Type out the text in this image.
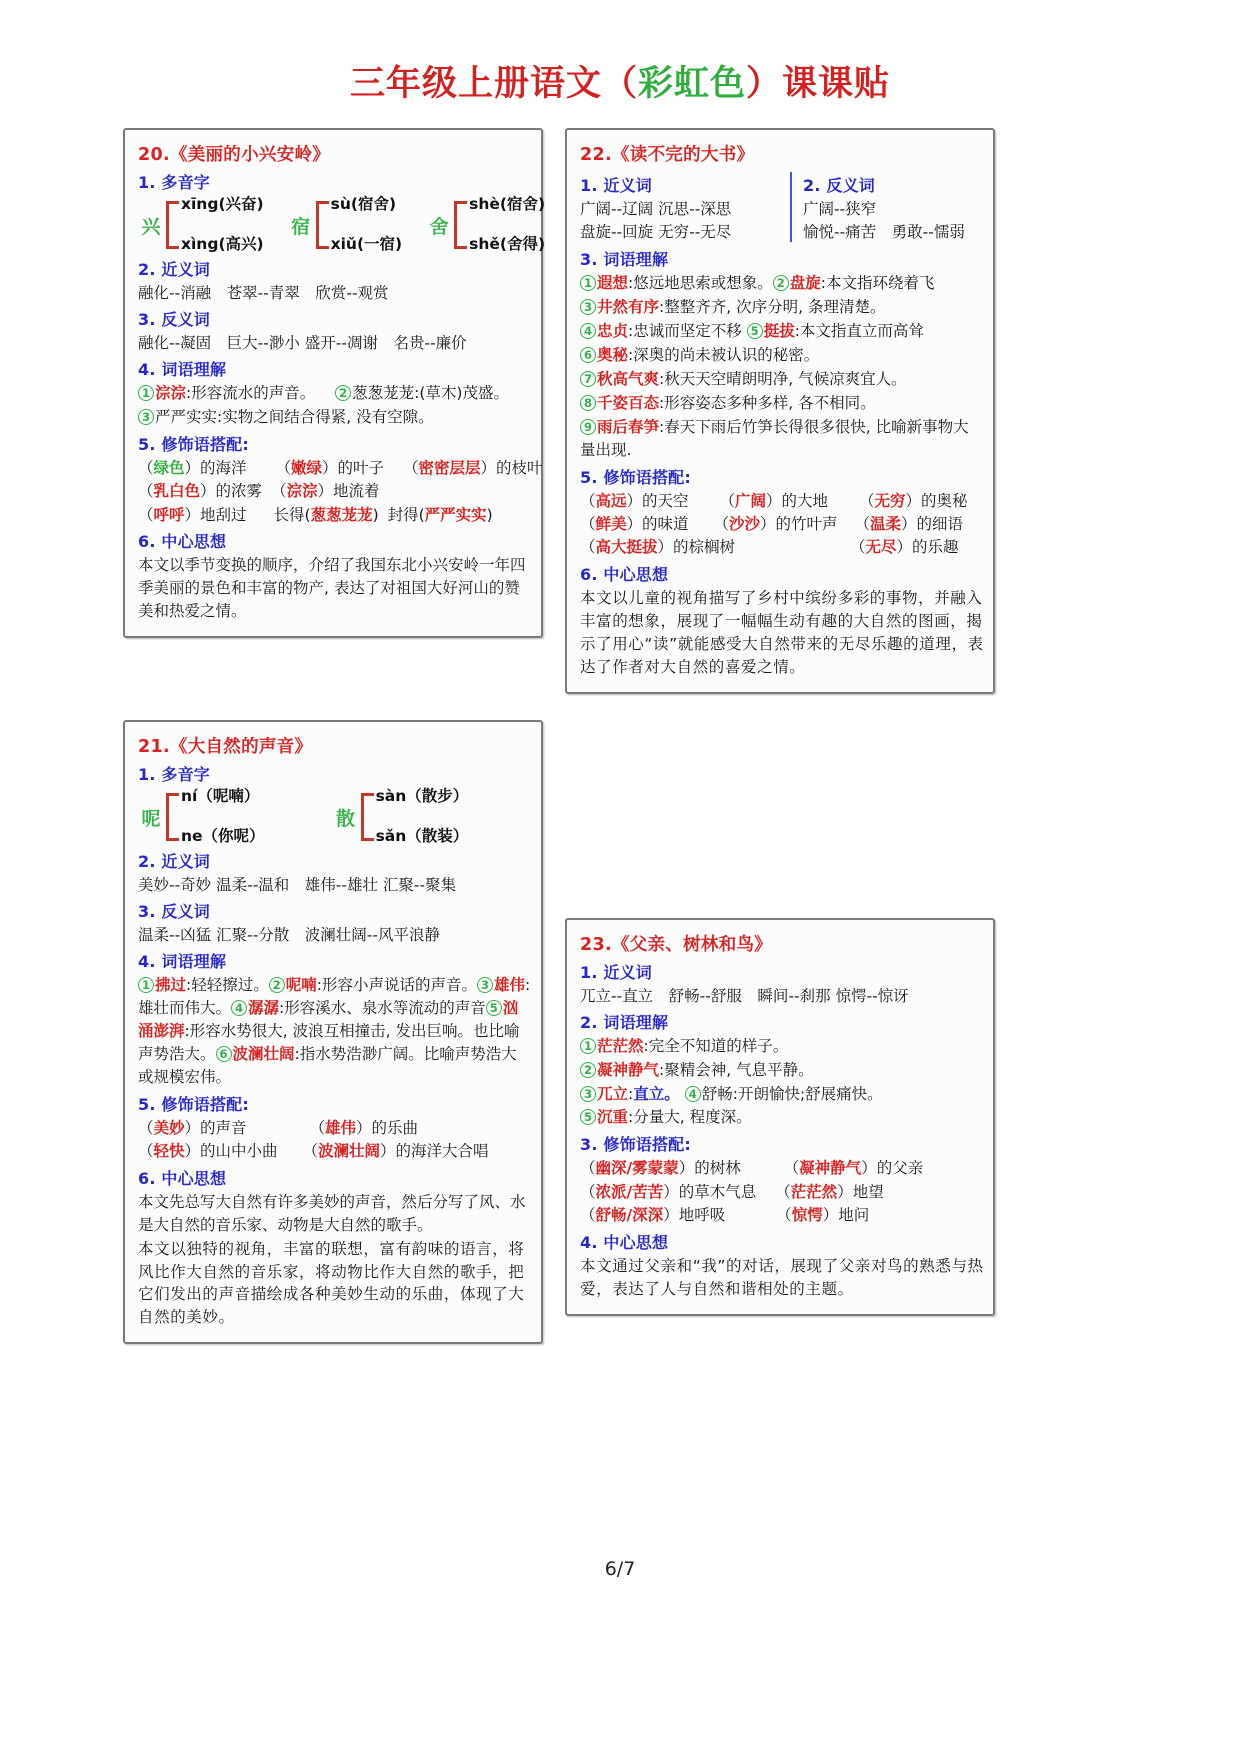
三年级上册语文（彩虹色）课课贴
20.《美丽的小兴安岭》
1. 多音字
兴
xīng(兴奋)
xìng(高兴)
宿
sù(宿舍)
xiǔ(一宿)
舍
shè(宿舍)
shě(舍得)
2. 近义词
融化--消融　苍翠--青翠　欣赏--观赏
3. 反义词
融化--凝固　巨大--渺小 盛开--凋谢　名贵--廉价
4. 词语理解
1 淙淙:形容流水的声音。 2 葱葱茏茏:(草木)茂盛。
3 严严实实:实物之间结合得紧, 没有空隙。
5. 修饰语搭配:
（绿色）的海洋 （嫩绿）的叶子 （密密层层）的枝叶
（乳白色）的浓雾 （淙淙）地流着
（呼呼）地刮过 长得(葱葱茏茏) 封得(严严实实)
6. 中心思想
本文以季节变换的顺序，介绍了我国东北小兴安岭一年四季美丽的景色和丰富的物产, 表达了对祖国大好河山的赞美和热爱之情。
21.《大自然的声音》
1. 多音字
呢
ní（呢喃）
ne（你呢）
散
sàn（散步）
sǎn（散装）
2. 近义词
美妙--奇妙 温柔--温和　雄伟--雄壮 汇聚--聚集
3. 反义词
温柔--凶猛 汇聚--分散　波澜壮阔--风平浪静
4. 词语理解
1 拂过:轻轻擦过。 2 呢喃:形容小声说话的声音。 3 雄伟:雄壮而伟大。 4 潺潺:形容溪水、泉水等流动的声音 5 汹涌澎湃:形容水势很大, 波浪互相撞击, 发出巨响。也比喻声势浩大。 6 波澜壮阔:指水势浩渺广阔。比喻声势浩大或规模宏伟。
5. 修饰语搭配:
（美妙）的声音	（雄伟）的乐曲
（轻快）的山中小曲 （波澜壮阔）的海洋大合唱
6. 中心思想
本文先总写大自然有许多美妙的声音，然后分写了风、水是大自然的音乐家、动物是大自然的歌手。
本文以独特的视角，丰富的联想，富有韵味的语言，将风比作大自然的音乐家，将动物比作大自然的歌手，把它们发出的声音描绘成各种美妙生动的乐曲，体现了大自然的美妙。
22.《读不完的大书》
1. 近义词
广阔--辽阔 沉思--深思
盘旋--回旋 无穷--无尽
2. 反义词
广阔--狭窄
愉悦--痛苦　勇敢--懦弱
3. 词语理解
1 遐想:悠远地思索或想象。 2 盘旋:本文指环绕着飞
3 井然有序:整整齐齐, 次序分明, 条理清楚。
4 忠贞:忠诚而坚定不移 5 挺拔:本文指直立而高耸
6 奥秘:深奥的尚未被认识的秘密。
7 秋高气爽:秋天天空晴朗明净, 气候凉爽宜人。
8 千姿百态:形容姿态多种多样, 各不相同。
9 雨后春笋:春天下雨后竹笋长得很多很快, 比喻新事物大量出现.
5. 修饰语搭配:
（高远）的天空 （广阔）的大地 （无穷）的奥秘
（鲜美）的味道 （沙沙）的竹叶声 （温柔）的细语
（高大挺拔）的棕榈树	（无尽）的乐趣
6. 中心思想
本文以儿童的视角描写了乡村中缤纷多彩的事物，并融入丰富的想象，展现了一幅幅生动有趣的大自然的图画，揭示了用心“读”就能感受大自然带来的无尽乐趣的道理，表达了作者对大自然的喜爱之情。
23.《父亲、树林和鸟》
1. 近义词
兀立--直立　舒畅--舒服　瞬间--刹那 惊愕--惊讶
2. 词语理解
1 茫茫然:完全不知道的样子。
2 凝神静气:聚精会神, 气息平静。
3 兀立:直立。 4 舒畅:开朗愉快;舒展痛快。
5 沉重:分量大, 程度深。
3. 修饰语搭配:
（幽深/雾蒙蒙）的树林	（凝神静气）的父亲
（浓派/苦苦）的草木气息 （茫茫然）地望
（舒畅/深深）地呼吸	（惊愕）地问
4. 中心思想
本文通过父亲和“我”的对话，展现了父亲对鸟的熟悉与热爱，表达了人与自然和谐相处的主题。
6/7
